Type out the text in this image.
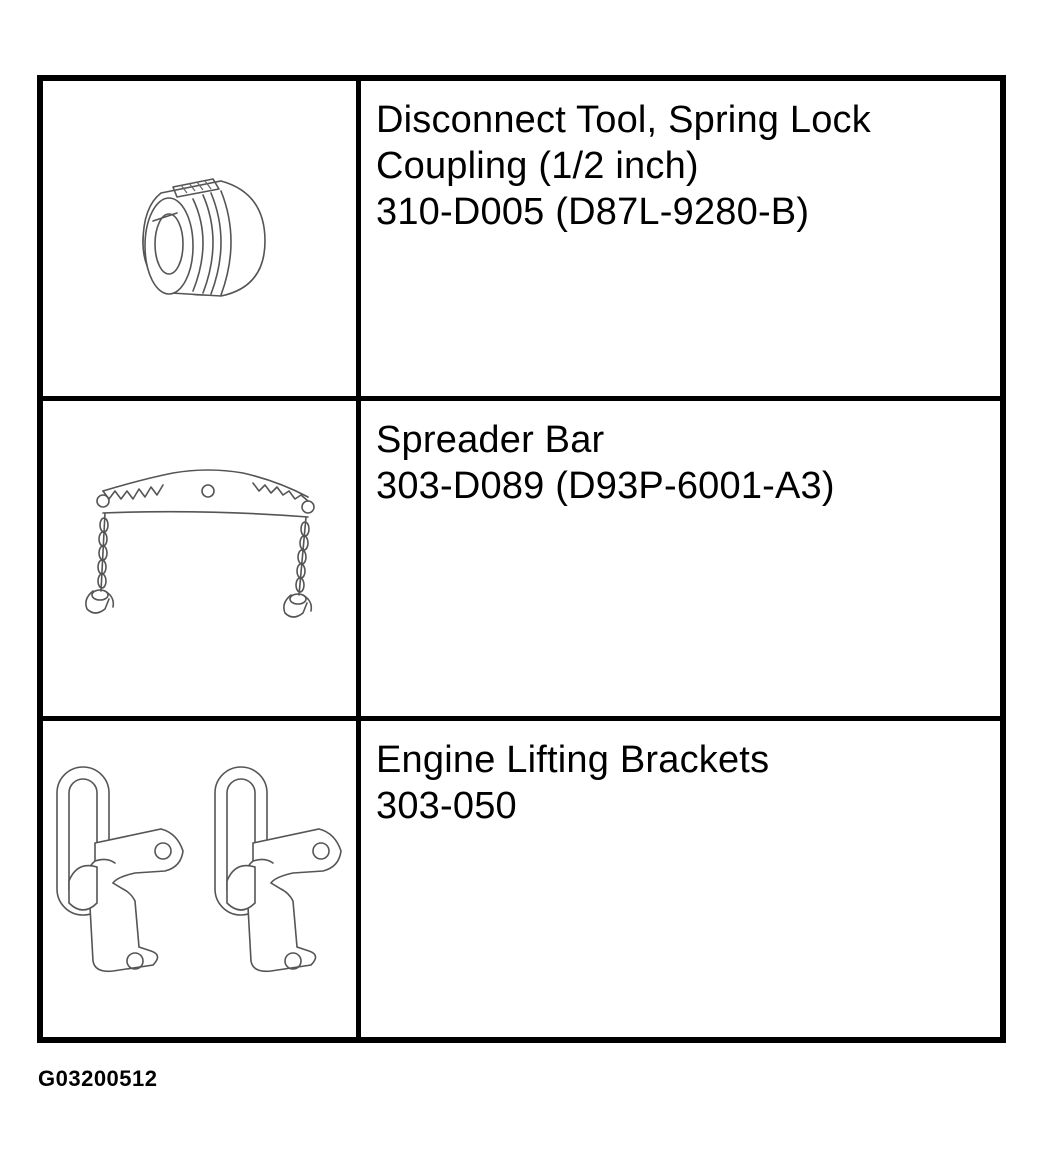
Disconnect Tool, Spring Lock
Coupling (1/2 inch)
310-D005 (D87L-9280-B)
Spreader Bar
303-D089 (D93P-6001-A3)
Engine Lifting Brackets
303-050
G03200512
